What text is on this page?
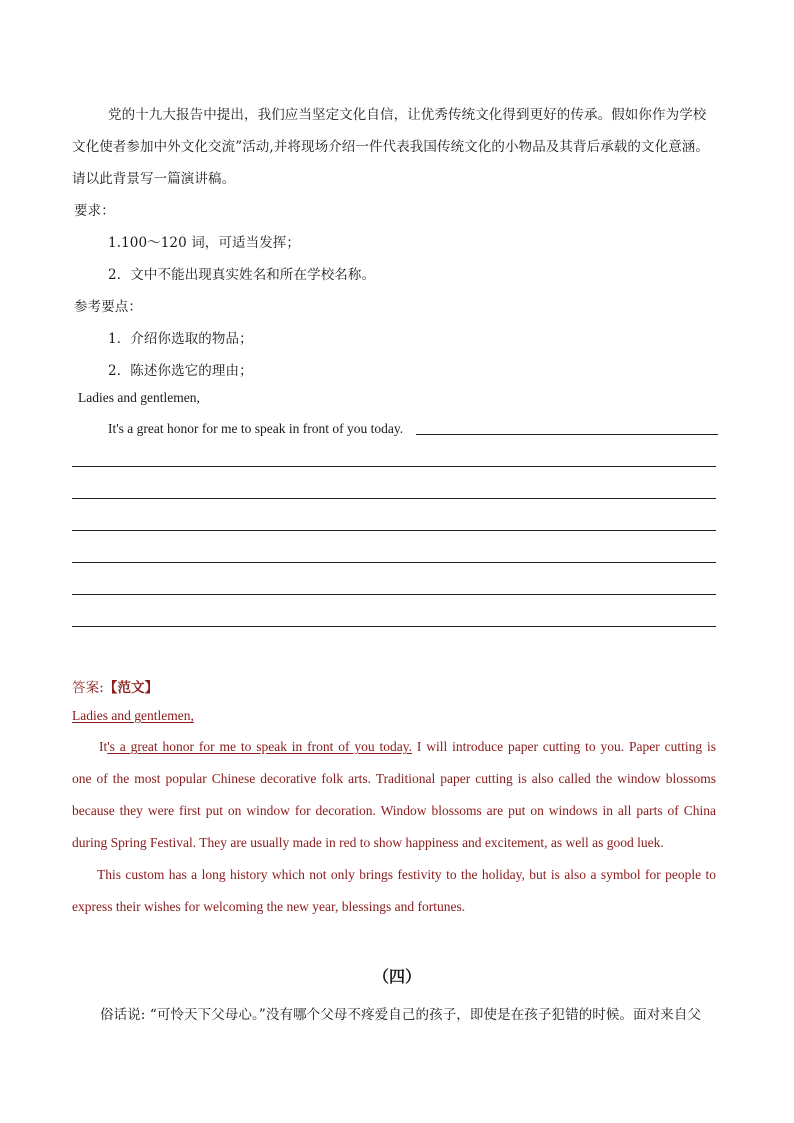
党的十九大报告中提出，我们应当坚定文化自信，让优秀传统文化得到更好的传承。假如你作为学校
文化使者参加中外文化交流”活动,并将现场介绍一件代表我国传统文化的小物品及其背后承载的文化意涵。
请以此背景写一篇演讲稿。
要求：
1.100～120 词，可适当发挥；
2．文中不能出现真实姓名和所在学校名称。
参考要点：
1．介绍你选取的物品；
2．陈述你选它的理由；
Ladies and gentlemen,
It's a great honor for me to speak in front of you today.
答案:【范文】
Ladies and gentlemen,
It's a great honor for me to speak in front of you today. I will introduce paper cutting to you. Paper cutting is
one of the most popular Chinese decorative folk arts. Traditional paper cutting is also called the window blossoms
because they were first put on window for decoration. Window blossoms are put on windows in all parts of China
during Spring Festival. They are usually made in red to show happiness and excitement, as well as good luek.
This custom has a long history which not only brings festivity to the holiday, but is also a symbol for people to
express their wishes for welcoming the new year, blessings and fortunes.
（四）
俗话说: “可怜天下父母心。”没有哪个父母不疼爱自己的孩子，即使是在孩子犯错的时候。面对来自父
